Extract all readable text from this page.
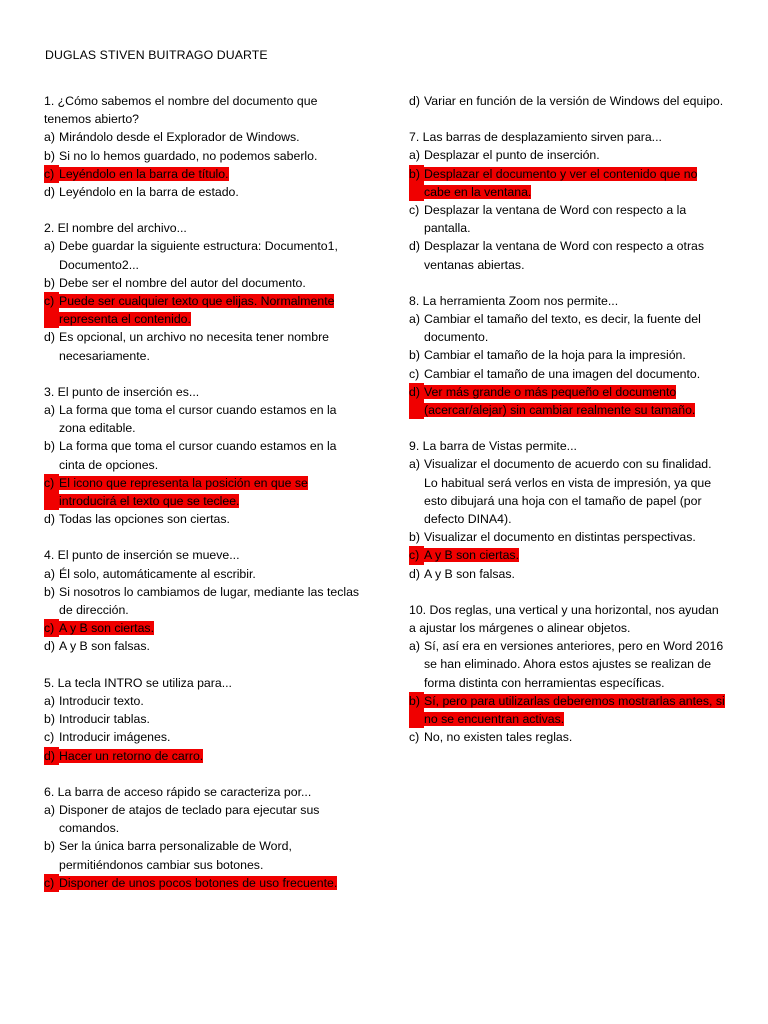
DUGLAS STIVEN BUITRAGO DUARTE
1. ¿Cómo sabemos el nombre del documento que tenemos abierto?
a) Mirándolo desde el Explorador de Windows.
b) Si no lo hemos guardado, no podemos saberlo.
c) Leyéndolo en la barra de título.
d) Leyéndolo en la barra de estado.
2. El nombre del archivo...
a) Debe guardar la siguiente estructura: Documento1, Documento2...
b) Debe ser el nombre del autor del documento.
c) Puede ser cualquier texto que elijas. Normalmente representa el contenido.
d) Es opcional, un archivo no necesita tener nombre necesariamente.
3. El punto de inserción es...
a) La forma que toma el cursor cuando estamos en la zona editable.
b) La forma que toma el cursor cuando estamos en la cinta de opciones.
c) El icono que representa la posición en que se introducirá el texto que se teclee.
d) Todas las opciones son ciertas.
4. El punto de inserción se mueve...
a) Él solo, automáticamente al escribir.
b) Si nosotros lo cambiamos de lugar, mediante las teclas de dirección.
c) A y B son ciertas.
d) A y B son falsas.
5. La tecla INTRO se utiliza para...
a) Introducir texto.
b) Introducir tablas.
c) Introducir imágenes.
d) Hacer un retorno de carro.
6. La barra de acceso rápido se caracteriza por...
a) Disponer de atajos de teclado para ejecutar sus comandos.
b) Ser la única barra personalizable de Word, permitiéndonos cambiar sus botones.
c) Disponer de unos pocos botones de uso frecuente.
d) Variar en función de la versión de Windows del equipo.
7. Las barras de desplazamiento sirven para...
a) Desplazar el punto de inserción.
b) Desplazar el documento y ver el contenido que no cabe en la ventana.
c) Desplazar la ventana de Word con respecto a la pantalla.
d) Desplazar la ventana de Word con respecto a otras ventanas abiertas.
8. La herramienta Zoom nos permite...
a) Cambiar el tamaño del texto, es decir, la fuente del documento.
b) Cambiar el tamaño de la hoja para la impresión.
c) Cambiar el tamaño de una imagen del documento.
d) Ver más grande o más pequeño el documento (acercar/alejar) sin cambiar realmente su tamaño.
9. La barra de Vistas permite...
a) Visualizar el documento de acuerdo con su finalidad. Lo habitual será verlos en vista de impresión, ya que esto dibujará una hoja con el tamaño de papel (por defecto DINA4).
b) Visualizar el documento en distintas perspectivas.
c) A y B son ciertas.
d) A y B son falsas.
10. Dos reglas, una vertical y una horizontal, nos ayudan a ajustar los márgenes o alinear objetos.
a) Sí, así era en versiones anteriores, pero en Word 2016 se han eliminado. Ahora estos ajustes se realizan de forma distinta con herramientas específicas.
b) Sí, pero para utilizarlas deberemos mostrarlas antes, si no se encuentran activas.
c) No, no existen tales reglas.
